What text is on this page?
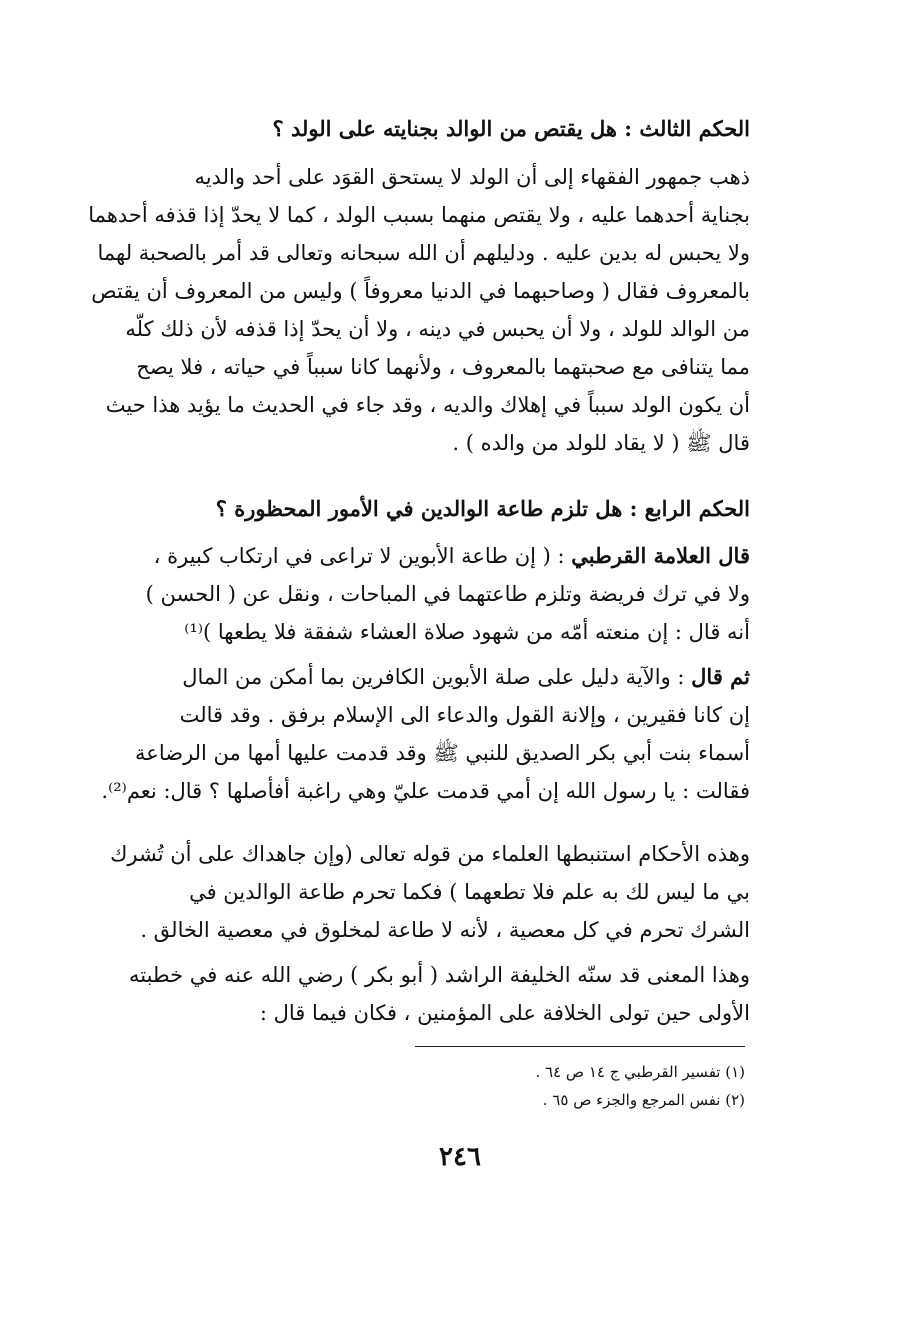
الحكم الثالث : هل يقتص من الوالد بجنايته على الولد ؟
ذهب جمهور الفقهاء إلى أن الولد لا يستحق القوَد على أحد والديه
بجناية أحدهما عليه ، ولا يقتص منهما بسبب الولد ، كما لا يحدّ إذا قذفه أحدهما
ولا يحبس له بدين عليه . ودليلهم أن الله سبحانه وتعالى قد أمر بالصحبة لهما
بالمعروف فقال ( وصاحبهما في الدنيا معروفاً ) وليس من المعروف أن يقتص
من الوالد للولد ، ولا أن يحبس في دينه ، ولا أن يحدّ إذا قذفه لأن ذلك كلّه
مما يتنافى مع صحبتهما بالمعروف ، ولأنهما كانا سبباً في حياته ، فلا يصح
أن يكون الولد سبباً في إهلاك والديه ، وقد جاء في الحديث ما يؤيد هذا حيث
قال ﷺ ( لا يقاد للولد من والده ) .
الحكم الرابع : هل تلزم طاعة الوالدين في الأمور المحظورة ؟
قال العلامة القرطبي : ( إن طاعة الأبوين لا تراعى في ارتكاب كبيرة ،
ولا في ترك فريضة وتلزم طاعتهما في المباحات ، ونقل عن ( الحسن )
أنه قال : إن منعته أمّه من شهود صلاة العشاء شفقة فلا يطعها )⁽¹⁾
ثم قال : والآية دليل على صلة الأبوين الكافرين بما أمكن من المال
إن كانا فقيرين ، وإلانة القول والدعاء الى الإسلام برفق . وقد قالت
أسماء بنت أبي بكر الصديق للنبي ﷺ وقد قدمت عليها أمها من الرضاعة
فقالت : يا رسول الله إن أمي قدمت عليّ وهي راغبة أفأصلها ؟ قال: نعم⁽²⁾.
وهذه الأحكام استنبطها العلماء من قوله تعالى (وإن جاهداك على أن تُشرك
بي ما ليس لك به علم فلا تطعهما ) فكما تحرم طاعة الوالدين في
الشرك تحرم في كل معصية ، لأنه لا طاعة لمخلوق في معصية الخالق .
وهذا المعنى قد سنّه الخليفة الراشد ( أبو بكر ) رضي الله عنه في خطبته
الأولى حين تولى الخلافة على المؤمنين ، فكان فيما قال :
(١) تفسير القرطبي ج ١٤ ص ٦٤ .
(٢) نفس المرجع والجزء ص ٦٥ .
٢٤٦
